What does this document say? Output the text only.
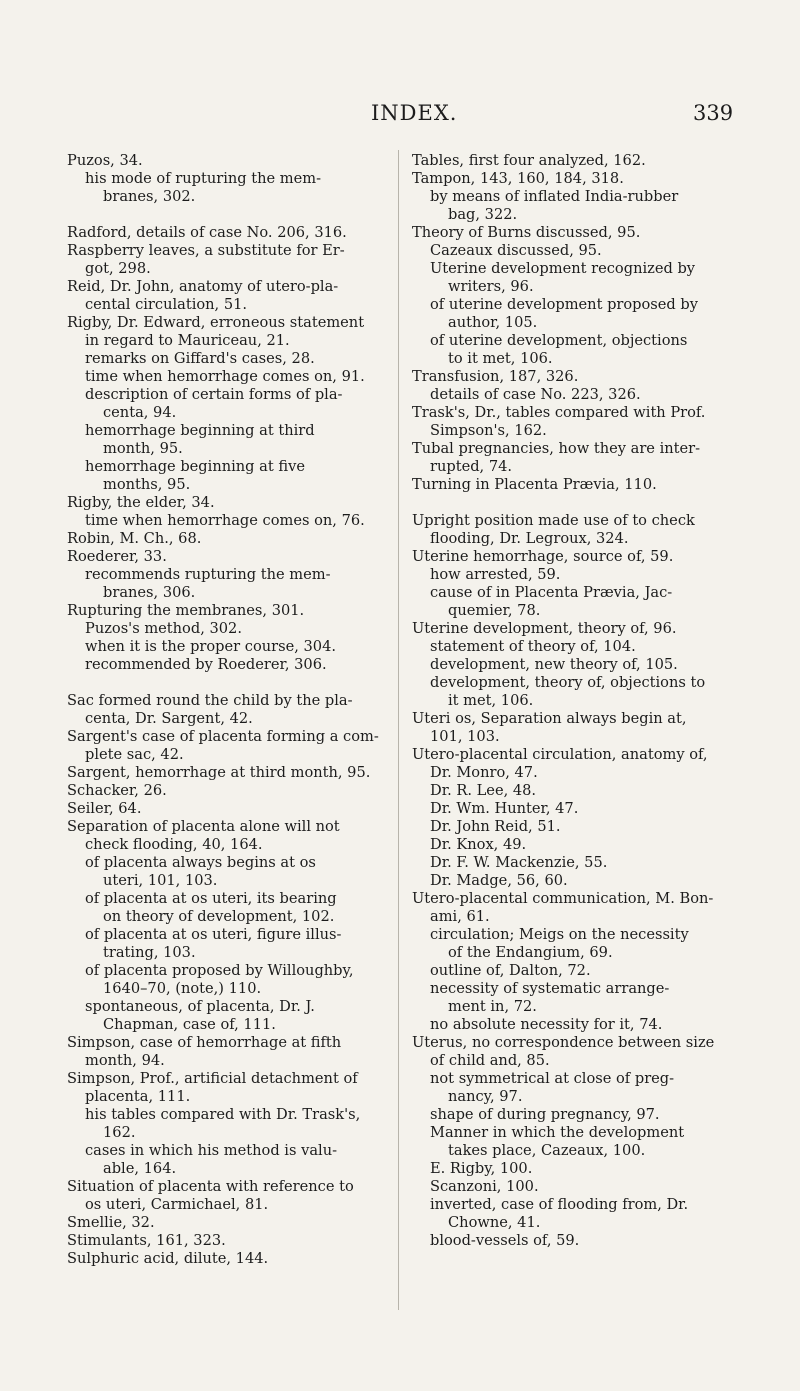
INDEX.	339
Puzos, 34.
his mode of rupturing the mem-
branes, 302.
Radford, details of case No. 206, 316.
Raspberry leaves, a substitute for Er-
got, 298.
Reid, Dr. John, anatomy of utero-pla-
cental circulation, 51.
Rigby, Dr. Edward, erroneous statement
in regard to Mauriceau, 21.
remarks on Giffard's cases, 28.
time when hemorrhage comes on, 91.
description of certain forms of pla-
centa, 94.
hemorrhage beginning at third
month, 95.
hemorrhage beginning at five
months, 95.
Rigby, the elder, 34.
time when hemorrhage comes on, 76.
Robin, M. Ch., 68.
Roederer, 33.
recommends rupturing the mem-
branes, 306.
Rupturing the membranes, 301.
Puzos's method, 302.
when it is the proper course, 304.
recommended by Roederer, 306.
Sac formed round the child by the pla-
centa, Dr. Sargent, 42.
Sargent's case of placenta forming a com-
plete sac, 42.
Sargent, hemorrhage at third month, 95.
Schacker, 26.
Seiler, 64.
Separation of placenta alone will not
check flooding, 40, 164.
of placenta always begins at os
uteri, 101, 103.
of placenta at os uteri, its bearing
on theory of development, 102.
of placenta at os uteri, figure illus-
trating, 103.
of placenta proposed by Willoughby,
1640–70, (note,) 110.
spontaneous, of placenta, Dr. J.
Chapman, case of, 111.
Simpson, case of hemorrhage at fifth
month, 94.
Simpson, Prof., artificial detachment of
placenta, 111.
his tables compared with Dr. Trask's,
162.
cases in which his method is valu-
able, 164.
Situation of placenta with reference to
os uteri, Carmichael, 81.
Smellie, 32.
Stimulants, 161, 323.
Sulphuric acid, dilute, 144.
Tables, first four analyzed, 162.
Tampon, 143, 160, 184, 318.
by means of inflated India-rubber
bag, 322.
Theory of Burns discussed, 95.
Cazeaux discussed, 95.
Uterine development recognized by
writers, 96.
of uterine development proposed by
author, 105.
of uterine development, objections
to it met, 106.
Transfusion, 187, 326.
details of case No. 223, 326.
Trask's, Dr., tables compared with Prof.
Simpson's, 162.
Tubal pregnancies, how they are inter-
rupted, 74.
Turning in Placenta Prævia, 110.
Upright position made use of to check
flooding, Dr. Legroux, 324.
Uterine hemorrhage, source of, 59.
how arrested, 59.
cause of in Placenta Prævia, Jac-
quemier, 78.
Uterine development, theory of, 96.
statement of theory of, 104.
development, new theory of, 105.
development, theory of, objections to
it met, 106.
Uteri os, Separation always begin at,
101, 103.
Utero-placental circulation, anatomy of,
Dr. Monro, 47.
Dr. R. Lee, 48.
Dr. Wm. Hunter, 47.
Dr. John Reid, 51.
Dr. Knox, 49.
Dr. F. W. Mackenzie, 55.
Dr. Madge, 56, 60.
Utero-placental communication, M. Bon-
ami, 61.
circulation; Meigs on the necessity
of the Endangium, 69.
outline of, Dalton, 72.
necessity of systematic arrange-
ment in, 72.
no absolute necessity for it, 74.
Uterus, no correspondence between size
of child and, 85.
not symmetrical at close of preg-
nancy, 97.
shape of during pregnancy, 97.
Manner in which the development
takes place, Cazeaux, 100.
E. Rigby, 100.
Scanzoni, 100.
inverted, case of flooding from, Dr.
Chowne, 41.
blood-vessels of, 59.
